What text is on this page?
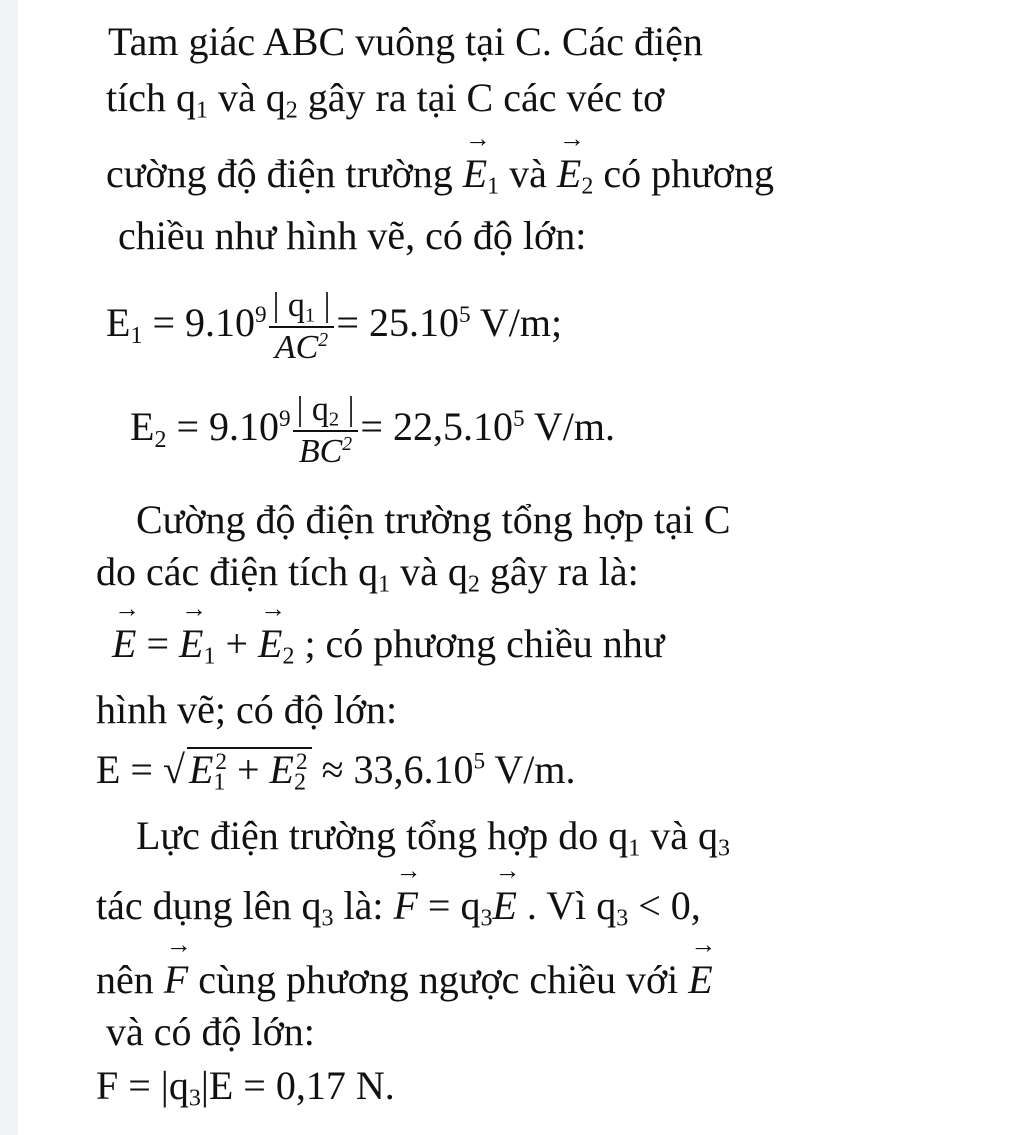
Tam giác ABC vuông tại C. Các điện
tích $q_1$ và $q_2$ gây ra tại C các véc tơ
cường độ điện trường → $E_1$ và → $E_2$ có phương
chiều như hình vẽ, có độ lớn:
$E_1 = 9.10^9 \frac{| q_1 |}{AC^2} = 25.10^5$ V/m;
$E_2 = 9.10^9 \frac{| q_2 |}{BC^2} = 22,5.10^5$ V/m.
Cường độ điện trường tổng hợp tại C
do các điện tích $q_1$ và $q_2$ gây ra là:
→ E = → $E_1$ + → $E_2$ ; có phương chiều như
hình vẽ; có độ lớn:
E = √ $E_1^2 + E_2^2 \approx 33,6.10^5$ V/m.
Lực điện trường tổng hợp do $q_1$ và $q_3$
tác dụng lên $q_3$ là: → $F = q_3\to E$ . Vì $q_3 < 0$,
nên → F cùng phương ngược chiều với → E
và có độ lớn:
$F = |q_3|E = 0,17$ N.
